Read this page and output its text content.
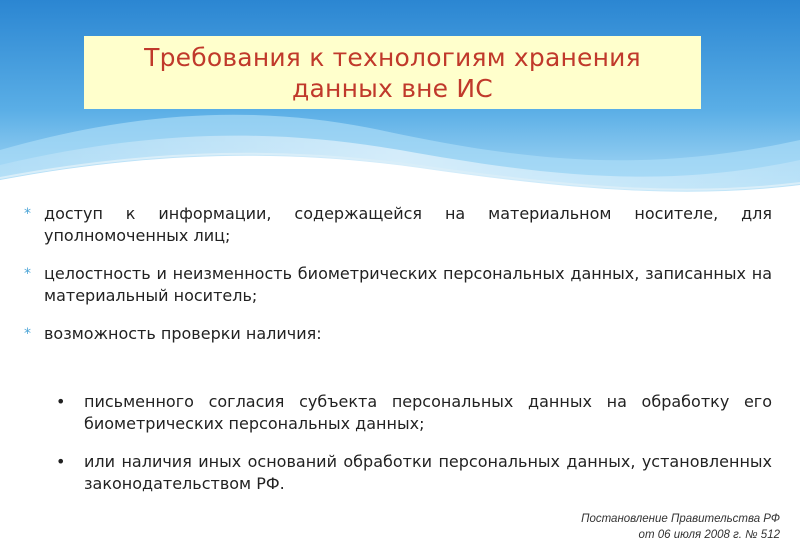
Требования к технологиям хранения
данных вне ИС
* доступ к информации, содержащейся на материальном носителе, для уполномоченных лиц;
* целостность и неизменность биометрических персональных данных, записанных на материальный носитель;
* возможность проверки наличия:
• письменного согласия субъекта персональных данных на обработку его биометрических персональных данных;
• или наличия иных оснований обработки персональных данных, установленных законодательством РФ.
Постановление Правительства РФ
от 06 июля 2008 г. № 512
